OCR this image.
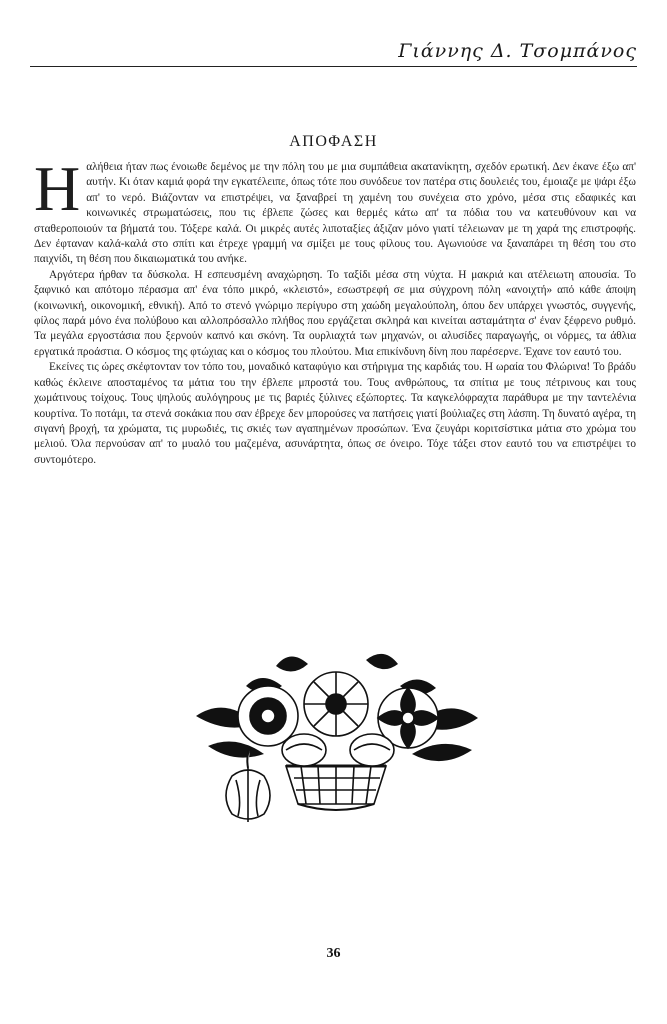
Γιάννης Δ. Τσομπάνος
ΑΠΟΦΑΣΗ

Η αλήθεια ήταν πως ένοιωθε δεμένος με την πόλη του με μια συμπάθεια ακατανίκητη, σχεδόν ερωτική. Δεν έκανε έξω απ' αυτήν. Κι όταν καμιά φορά την εγκατέλειπε, όπως τότε που συνόδευε τον πατέρα στις δουλειές του, έμοιαζε με ψάρι έξω απ' το νερό. Βιάζονταν να επιστρέψει, να ξαναβρεί τη χαμένη του συνέχεια στο χρόνο, μέσα στις εδαφικές και κοινωνικές στρωματώσεις, που τις έβλεπε ζώσες και θερμές κάτω απ' τα πόδια του να κατευθύνουν και να σταθεροποιούν τα βήματά του. Τόξερε καλά. Οι μικρές αυτές λιποταξίες άξιζαν μόνο γιατί τέλειωναν με τη χαρά της επιστροφής. Δεν έφταναν καλά-καλά στο σπίτι και έτρεχε γραμμή να σμίξει με τους φίλους του. Αγωνιούσε να ξαναπάρει τη θέση του στο παιχνίδι, τη θέση που δικαιωματικά του ανήκε.

Αργότερα ήρθαν τα δύσκολα. Η εσπευσμένη αναχώρηση. Το ταξίδι μέσα στη νύχτα. Η μακριά και ατέλειωτη απουσία. Το ξαφνικό και απότομο πέρασμα απ' ένα τόπο μικρό, «κλειστό», εσωστρεφή σε μια σύγχρονη πόλη «ανοιχτή» από κάθε άποψη (κοινωνική, οικονομική, εθνική). Από το στενό γνώριμο περίγυρο στη χαώδη μεγαλούπολη, όπου δεν υπάρχει γνωστός, συγγενής, φίλος παρά μόνο ένα πολύβουο και αλλοπρόσαλλο πλήθος που εργάζεται σκληρά και κινείται ασταμάτητα σ' έναν ξέφρενο ρυθμό. Τα μεγάλα εργοστάσια που ξερνούν καπνό και σκόνη. Τα ουρλιαχτά των μηχανών, οι αλυσίδες παραγωγής, οι νόρμες, τα άθλια εργατικά προάστια. Ο κόσμος της φτώχιας και ο κόσμος του πλούτου. Μια επικίνδυνη δίνη που παρέσερνε. Έχανε τον εαυτό του.

Εκείνες τις ώρες σκέφτονταν τον τόπο του, μοναδικό καταφύγιο και στήριγμα της καρδιάς του. Η ωραία του Φλώρινα! Το βράδυ καθώς έκλεινε αποσταμένος τα μάτια του την έβλεπε μπροστά του. Τους ανθρώπους, τα σπίτια με τους πέτρινους και τους χωμάτινους τοίχους. Τους ψηλούς αυλόγηρους με τις βαριές ξύλινες εξώπορτες. Τα καγκελόφραχτα παράθυρα με την ταντελένια κουρτίνα. Το ποτάμι, τα στενά σοκάκια που σαν έβρεχε δεν μπορούσες να πατήσεις γιατί βούλιαζες στη λάσπη. Τη δυνατό αγέρα, τη σιγανή βροχή, τα χρώματα, τις μυρωδιές, τις σκιές των αγαπημένων προσώπων. Ένα ζευγάρι κοριτσίστικα μάτια στο χρώμα του μελιού. Όλα περνούσαν απ' το μυαλό του μαζεμένα, ασυνάρτητα, όπως σε όνειρο. Τόχε τάξει στον εαυτό του να επιστρέψει το συντομότερο.

36
